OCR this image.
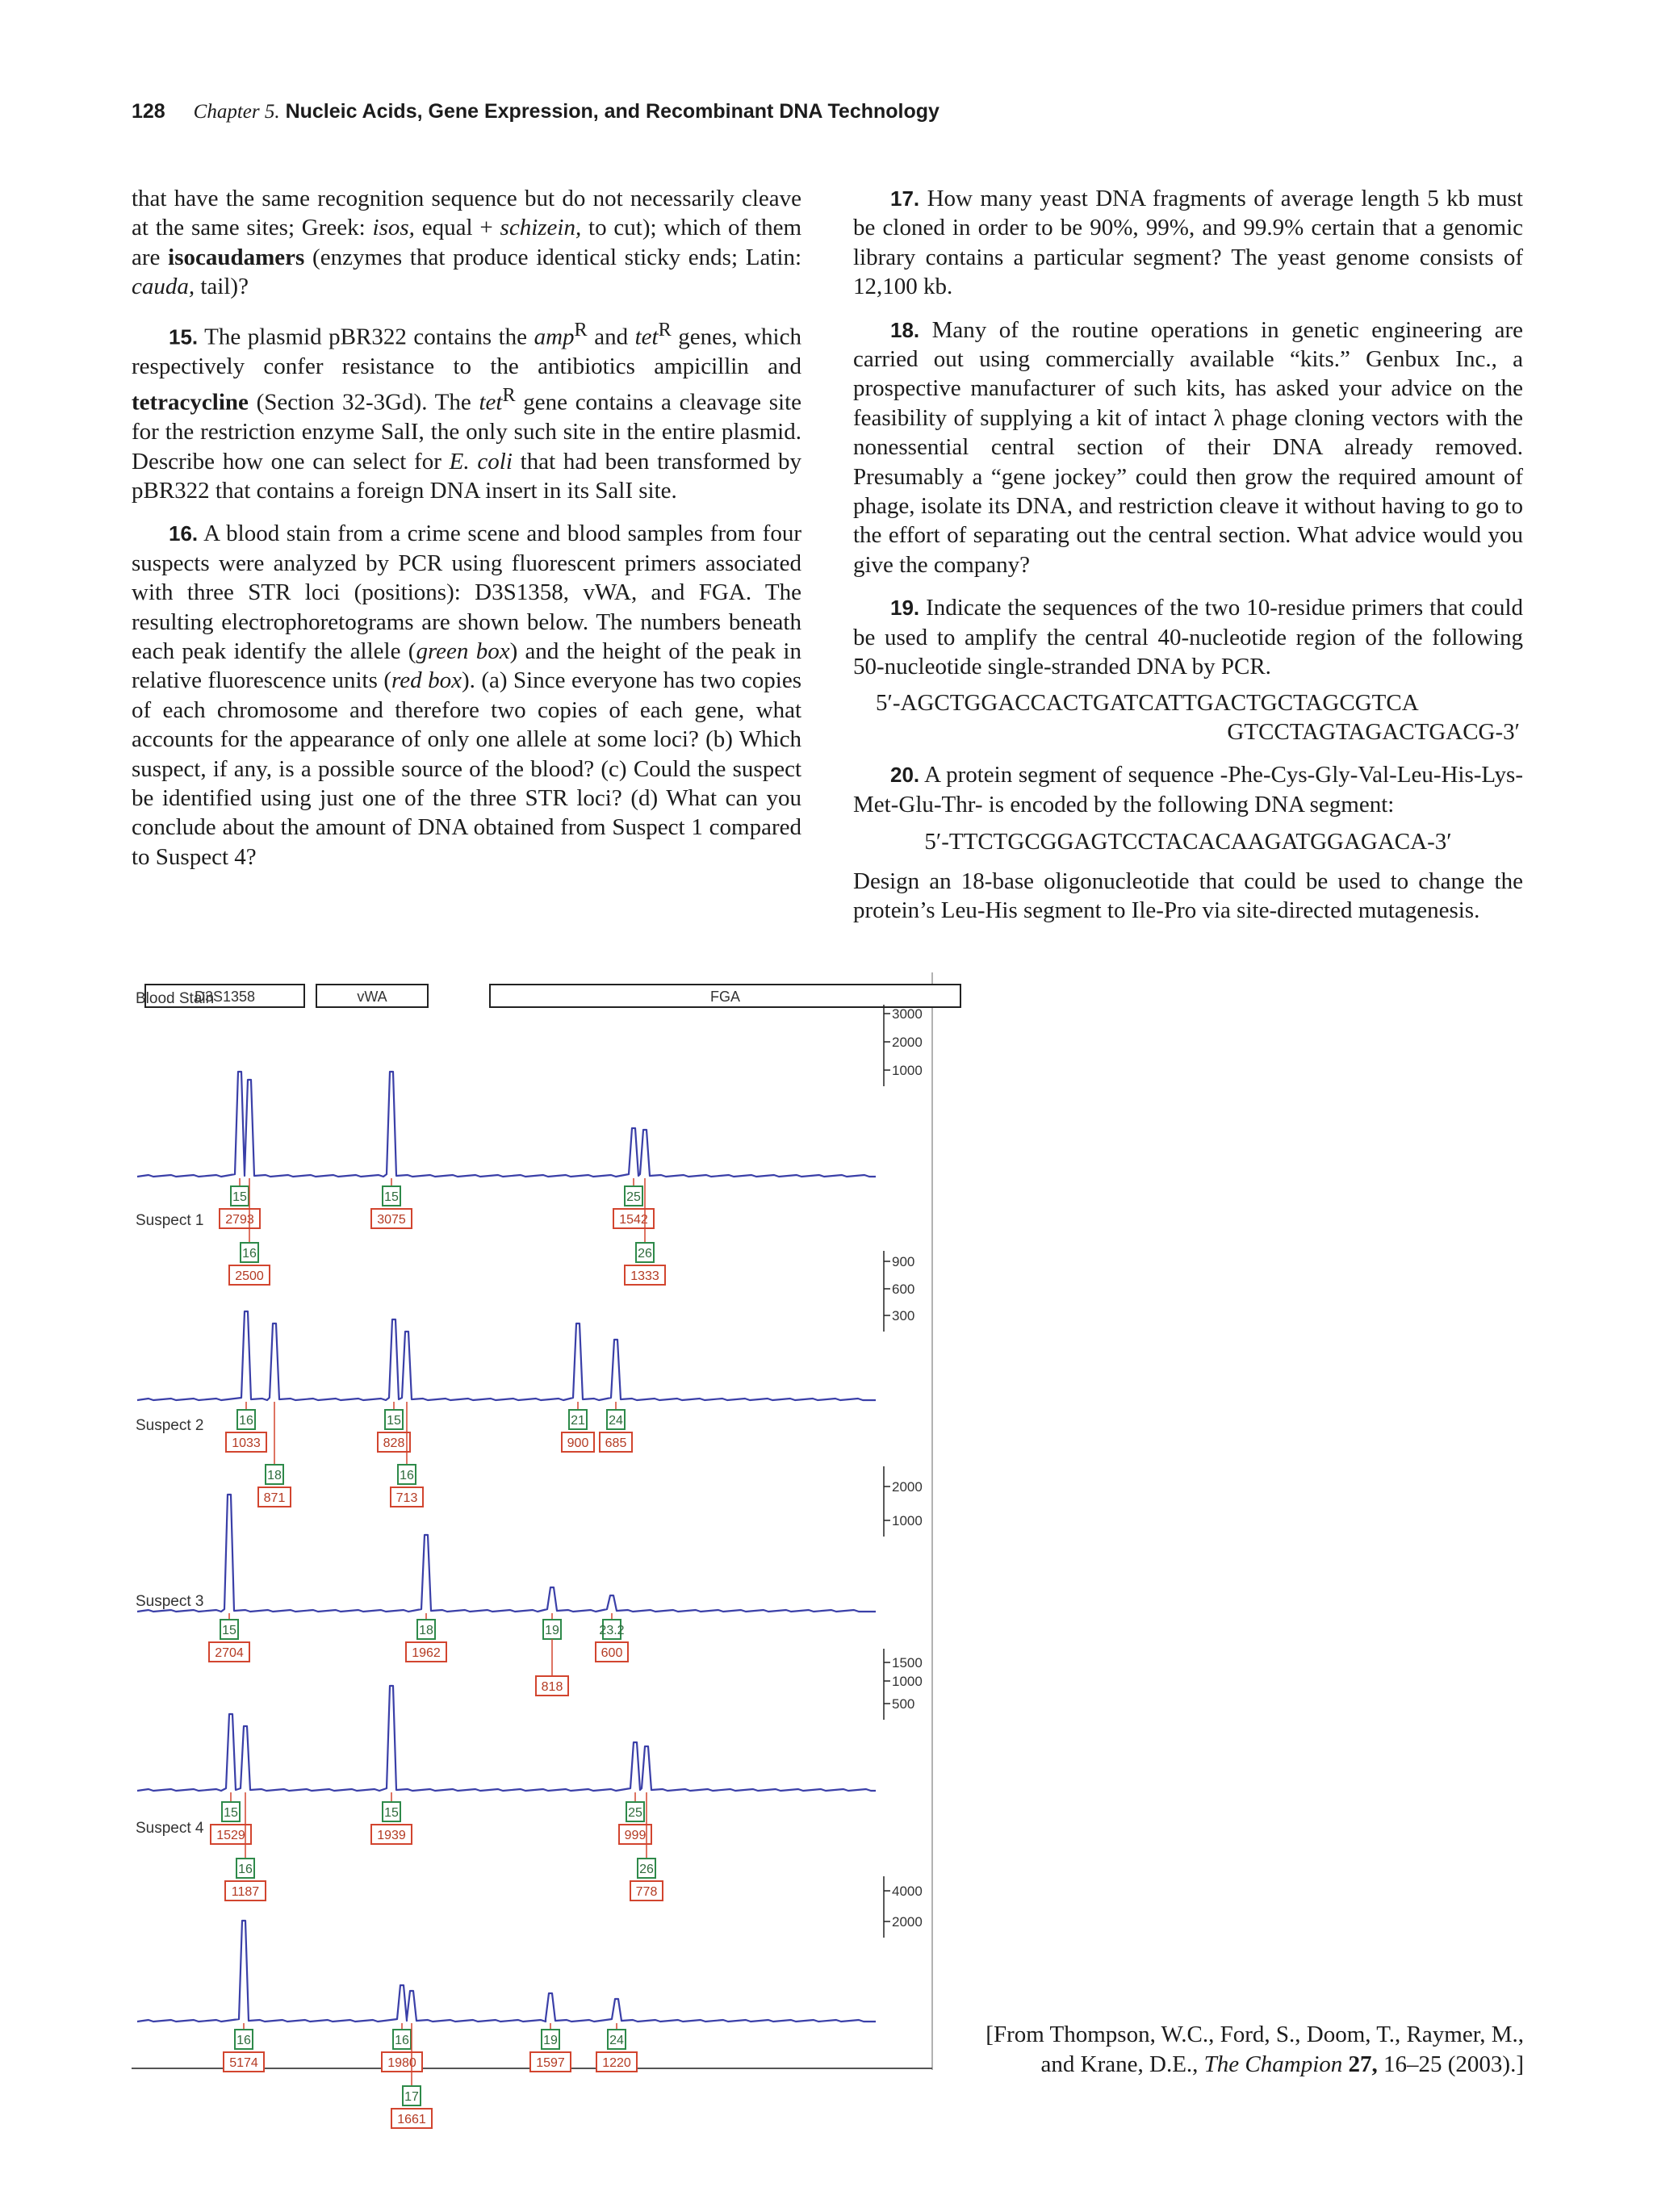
128 Chapter 5. Nucleic Acids, Gene Expression, and Recombinant DNA Technology

that have the same recognition sequence but do not necessarily cleave at the same sites; Greek: isos, equal + schizein, to cut); which of them are isocaudamers (enzymes that produce identical sticky ends; Latin: cauda, tail)?

15. The plasmid pBR322 contains the amp$^R$ and tet$^R$ genes, which respectively confer resistance to the antibiotics ampicillin and tetracycline (Section 32-3Gd). The tet$^R$ gene contains a cleavage site for the restriction enzyme SalI, the only such site in the entire plasmid. Describe how one can select for E. coli that had been transformed by pBR322 that contains a foreign DNA insert in its SalI site.

16. A blood stain from a crime scene and blood samples from four suspects were analyzed by PCR using fluorescent primers associated with three STR loci (positions): D3S1358, vWA, and FGA. The resulting electrophoretograms are shown below. The numbers beneath each peak identify the allele (green box) and the height of the peak in relative fluorescence units (red box). (a) Since everyone has two copies of each chromosome and therefore two copies of each gene, what accounts for the appearance of only one allele at some loci? (b) Which suspect, if any, is a possible source of the blood? (c) Could the suspect be identified using just one of the three STR loci? (d) What can you conclude about the amount of DNA obtained from Suspect 1 compared to Suspect 4?

17. How many yeast DNA fragments of average length 5 kb must be cloned in order to be 90%, 99%, and 99.9% certain that a genomic library contains a particular segment? The yeast genome consists of 12,100 kb.

18. Many of the routine operations in genetic engineering are carried out using commercially available “kits.” Genbux Inc., a prospective manufacturer of such kits, has asked your advice on the feasibility of supplying a kit of intact λ phage cloning vectors with the nonessential central section of their DNA already removed. Presumably a “gene jockey” could then grow the required amount of phage, isolate its DNA, and restriction cleave it without having to go to the effort of separating out the central section. What advice would you give the company?

19. Indicate the sequences of the two 10-residue primers that could be used to amplify the central 40-nucleotide region of the following 50-nucleotide single-stranded DNA by PCR.

5′-AGCTGGACCACTGATCATTGACTGCTAGCGTCA
GTCCTAGTAGACTGACG-3′

20. A protein segment of sequence -Phe-Cys-Gly-Val-Leu-His-Lys-Met-Glu-Thr- is encoded by the following DNA segment:

5′-TTCTGCGGAGTCCTACACAAGATGGAGACA-3′

Design an 18-base oligonucleotide that could be used to change the protein’s Leu-His segment to Ile-Pro via site-directed mutagenesis.

D3S1358	vWA	FGA
Blood Stain
3000
2000
1000
15
2793
16
2500
15
3075
25
1542
26
1333
Suspect 1
900
600
300
16
1033
18
871
15
828
16
713
21
900
24
685
Suspect 2
2000
1000
15
2704
18
1962
19
818
23.2
600
Suspect 3
1500
1000
500
15
1529
16
1187
15
1939
25
999
26
778
Suspect 4
4000
2000
16
5174
16
1980
17
1661
19
1597
24
1220
[From Thompson, W.C., Ford, S., Doom, T., Raymer, M., and Krane, D.E., The Champion 27, 16–25 (2003).]
